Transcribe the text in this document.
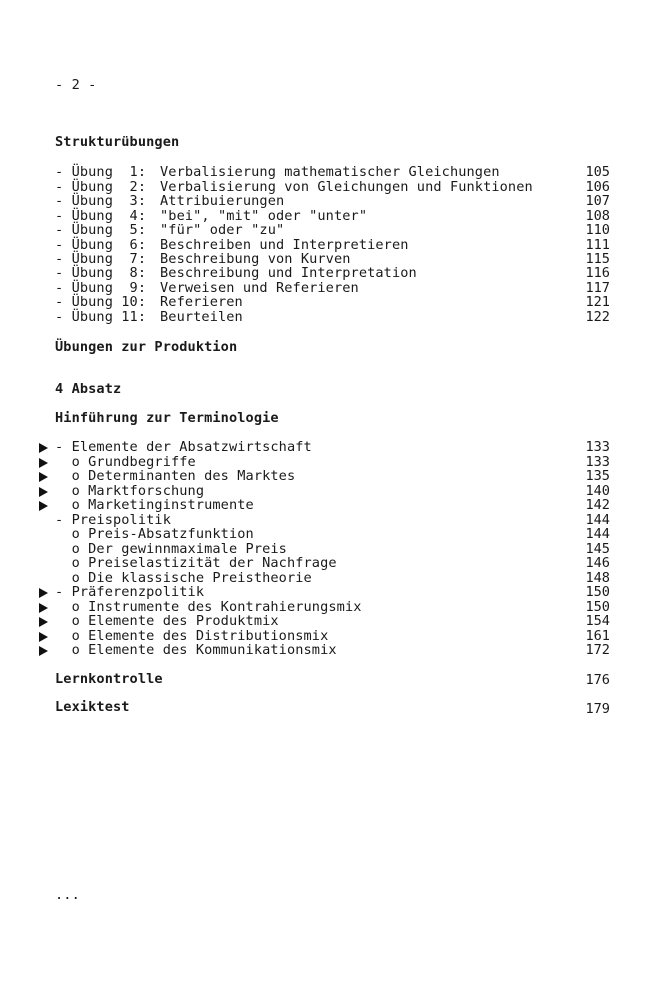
- 2 -
Strukturübungen
- Übung  1: Verbalisierung mathematischer Gleichungen	105
- Übung  2: Verbalisierung von Gleichungen und Funktionen	106
- Übung  3: Attribuierungen	107
- Übung  4: "bei", "mit" oder "unter"	108
- Übung  5: "für" oder "zu"	110
- Übung  6: Beschreiben und Interpretieren	111
- Übung  7: Beschreibung von Kurven	115
- Übung  8: Beschreibung und Interpretation	116
- Übung  9: Verweisen und Referieren	117
- Übung 10: Referieren	121
- Übung 11: Beurteilen	122
Übungen zur Produktion
4 Absatz
Hinführung zur Terminologie
- Elemente der Absatzwirtschaft	133
o Grundbegriffe	133
o Determinanten des Marktes	135
o Marktforschung	140
o Marketinginstrumente	142
- Preispolitik	144
o Preis-Absatzfunktion	144
o Der gewinnmaximale Preis	145
o Preiselastizität der Nachfrage	146
o Die klassische Preistheorie	148
- Präferenzpolitik	150
o Instrumente des Kontrahierungsmix	150
o Elemente des Produktmix	154
o Elemente des Distributionsmix	161
o Elemente des Kommunikationsmix	172
Lernkontrolle	176
Lexiktest	179
...
